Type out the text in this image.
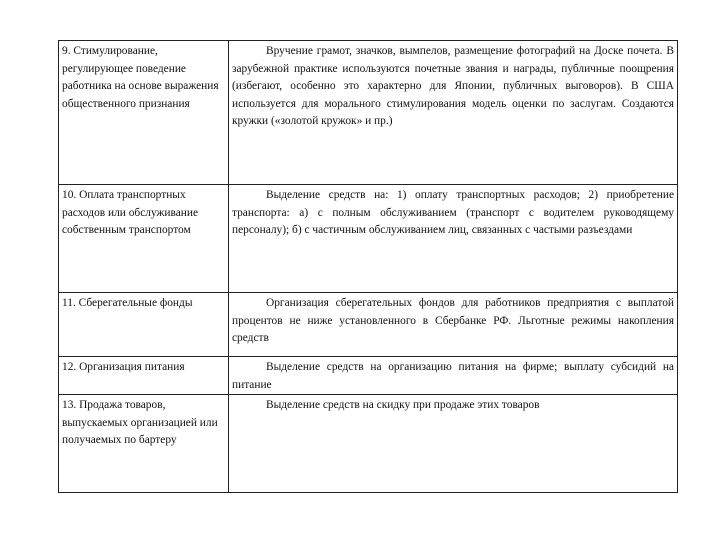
9. Стимулирование, регулирующее поведение работника на основе выражения общественного признания	Вручение грамот, значков, вымпелов, размещение фотографий на Доске почета. В зарубежной практике используются почетные звания и награды, публичные поощрения (избегают, особенно это характерно для Японии, публичных выговоров). В США используется для морального стимулирования модель оценки по заслугам. Создаются кружки («золотой кружок» и пр.)
10. Оплата транспортных расходов или обслуживание собственным транспортом	Выделение средств на: 1) оплату транспортных расходов; 2) приобретение транспорта: а) с полным обслуживанием (транспорт с водителем руководящему персоналу); б) с частичным обслуживанием лиц, связанных с частыми разъездами
11. Сберегательные фонды	Организация сберегательных фондов для работников предприятия с выплатой процентов не ниже установленного в Сбербанке РФ. Льготные режимы накопления средств
12. Организация питания	Выделение средств на организацию питания на фирме; выплату субсидий на питание
13. Продажа товаров, выпускаемых организацией или получаемых по бартеру	Выделение средств на скидку при продаже этих товаров
